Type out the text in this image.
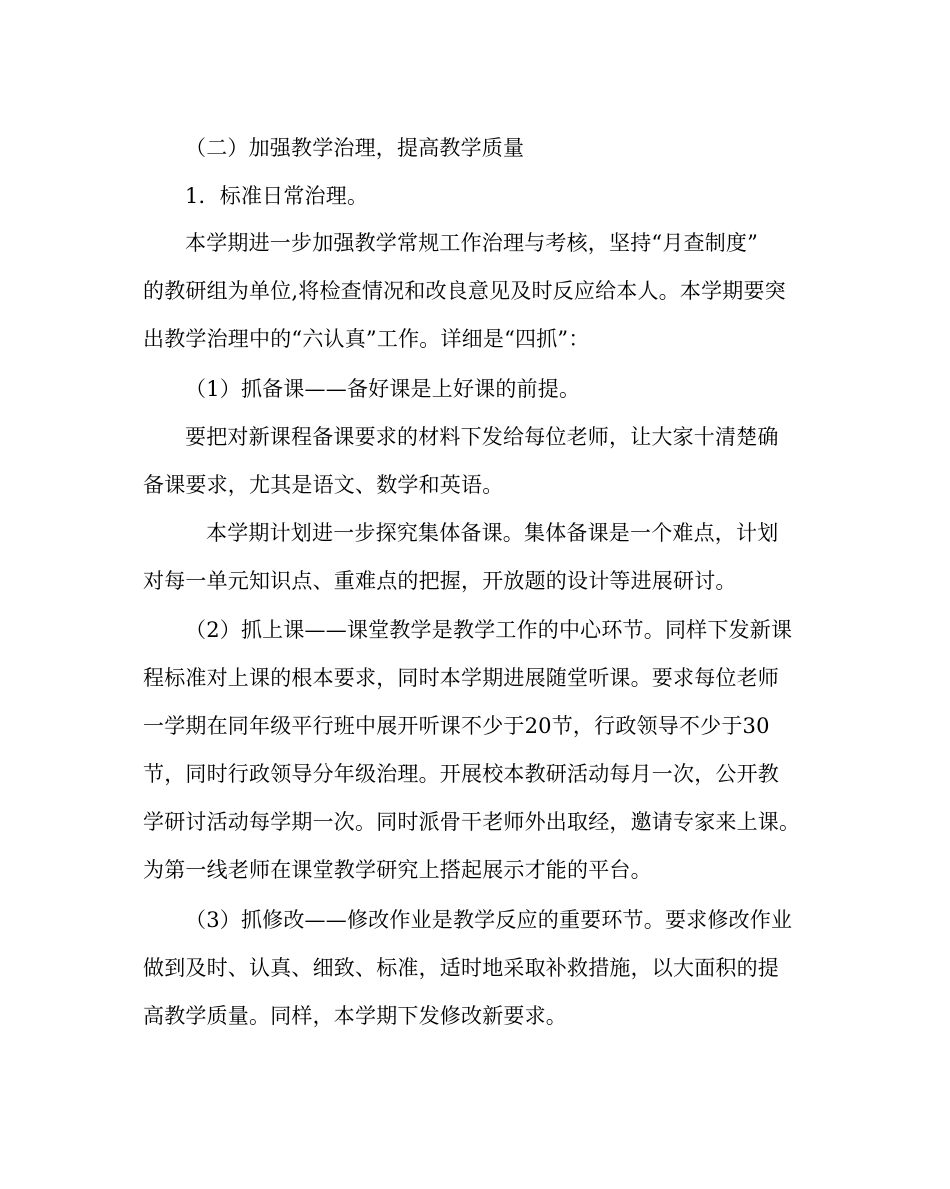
（二）加强教学治理，提高教学质量
1．标准日常治理。
本学期进一步加强教学常规工作治理与考核，坚持“月查制度”
的教研组为单位,将检查情况和改良意见及时反应给本人。本学期要突
出教学治理中的“六认真”工作。详细是“四抓”：
（1）抓备课——备好课是上好课的前提。
要把对新课程备课要求的材料下发给每位老师，让大家十清楚确
备课要求，尤其是语文、数学和英语。
本学期计划进一步探究集体备课。集体备课是一个难点，计划
对每一单元知识点、重难点的把握，开放题的设计等进展研讨。
（2）抓上课——课堂教学是教学工作的中心环节。同样下发新课
程标准对上课的根本要求，同时本学期进展随堂听课。要求每位老师
一学期在同年级平行班中展开听课不少于20节，行政领导不少于30
节，同时行政领导分年级治理。开展校本教研活动每月一次，公开教
学研讨活动每学期一次。同时派骨干老师外出取经，邀请专家来上课。
为第一线老师在课堂教学研究上搭起展示才能的平台。
（3）抓修改——修改作业是教学反应的重要环节。要求修改作业
做到及时、认真、细致、标准，适时地采取补救措施，以大面积的提
高教学质量。同样，本学期下发修改新要求。
